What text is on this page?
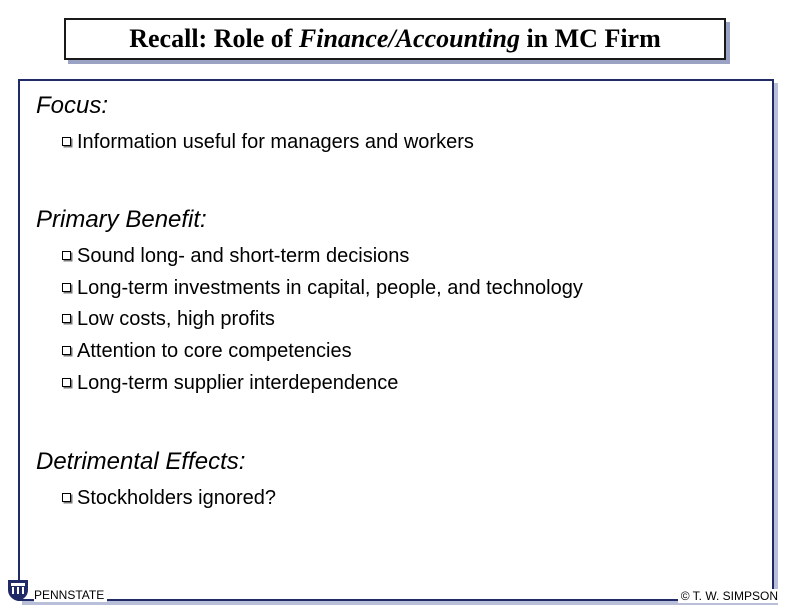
Recall: Role of Finance/Accounting in MC Firm
Focus:
Information useful for managers and workers
Primary Benefit:
Sound long- and short-term decisions
Long-term investments in capital, people, and technology
Low costs, high profits
Attention to core competencies
Long-term supplier interdependence
Detrimental Effects:
Stockholders ignored?
PENNSTATE	© T. W. SIMPSON
